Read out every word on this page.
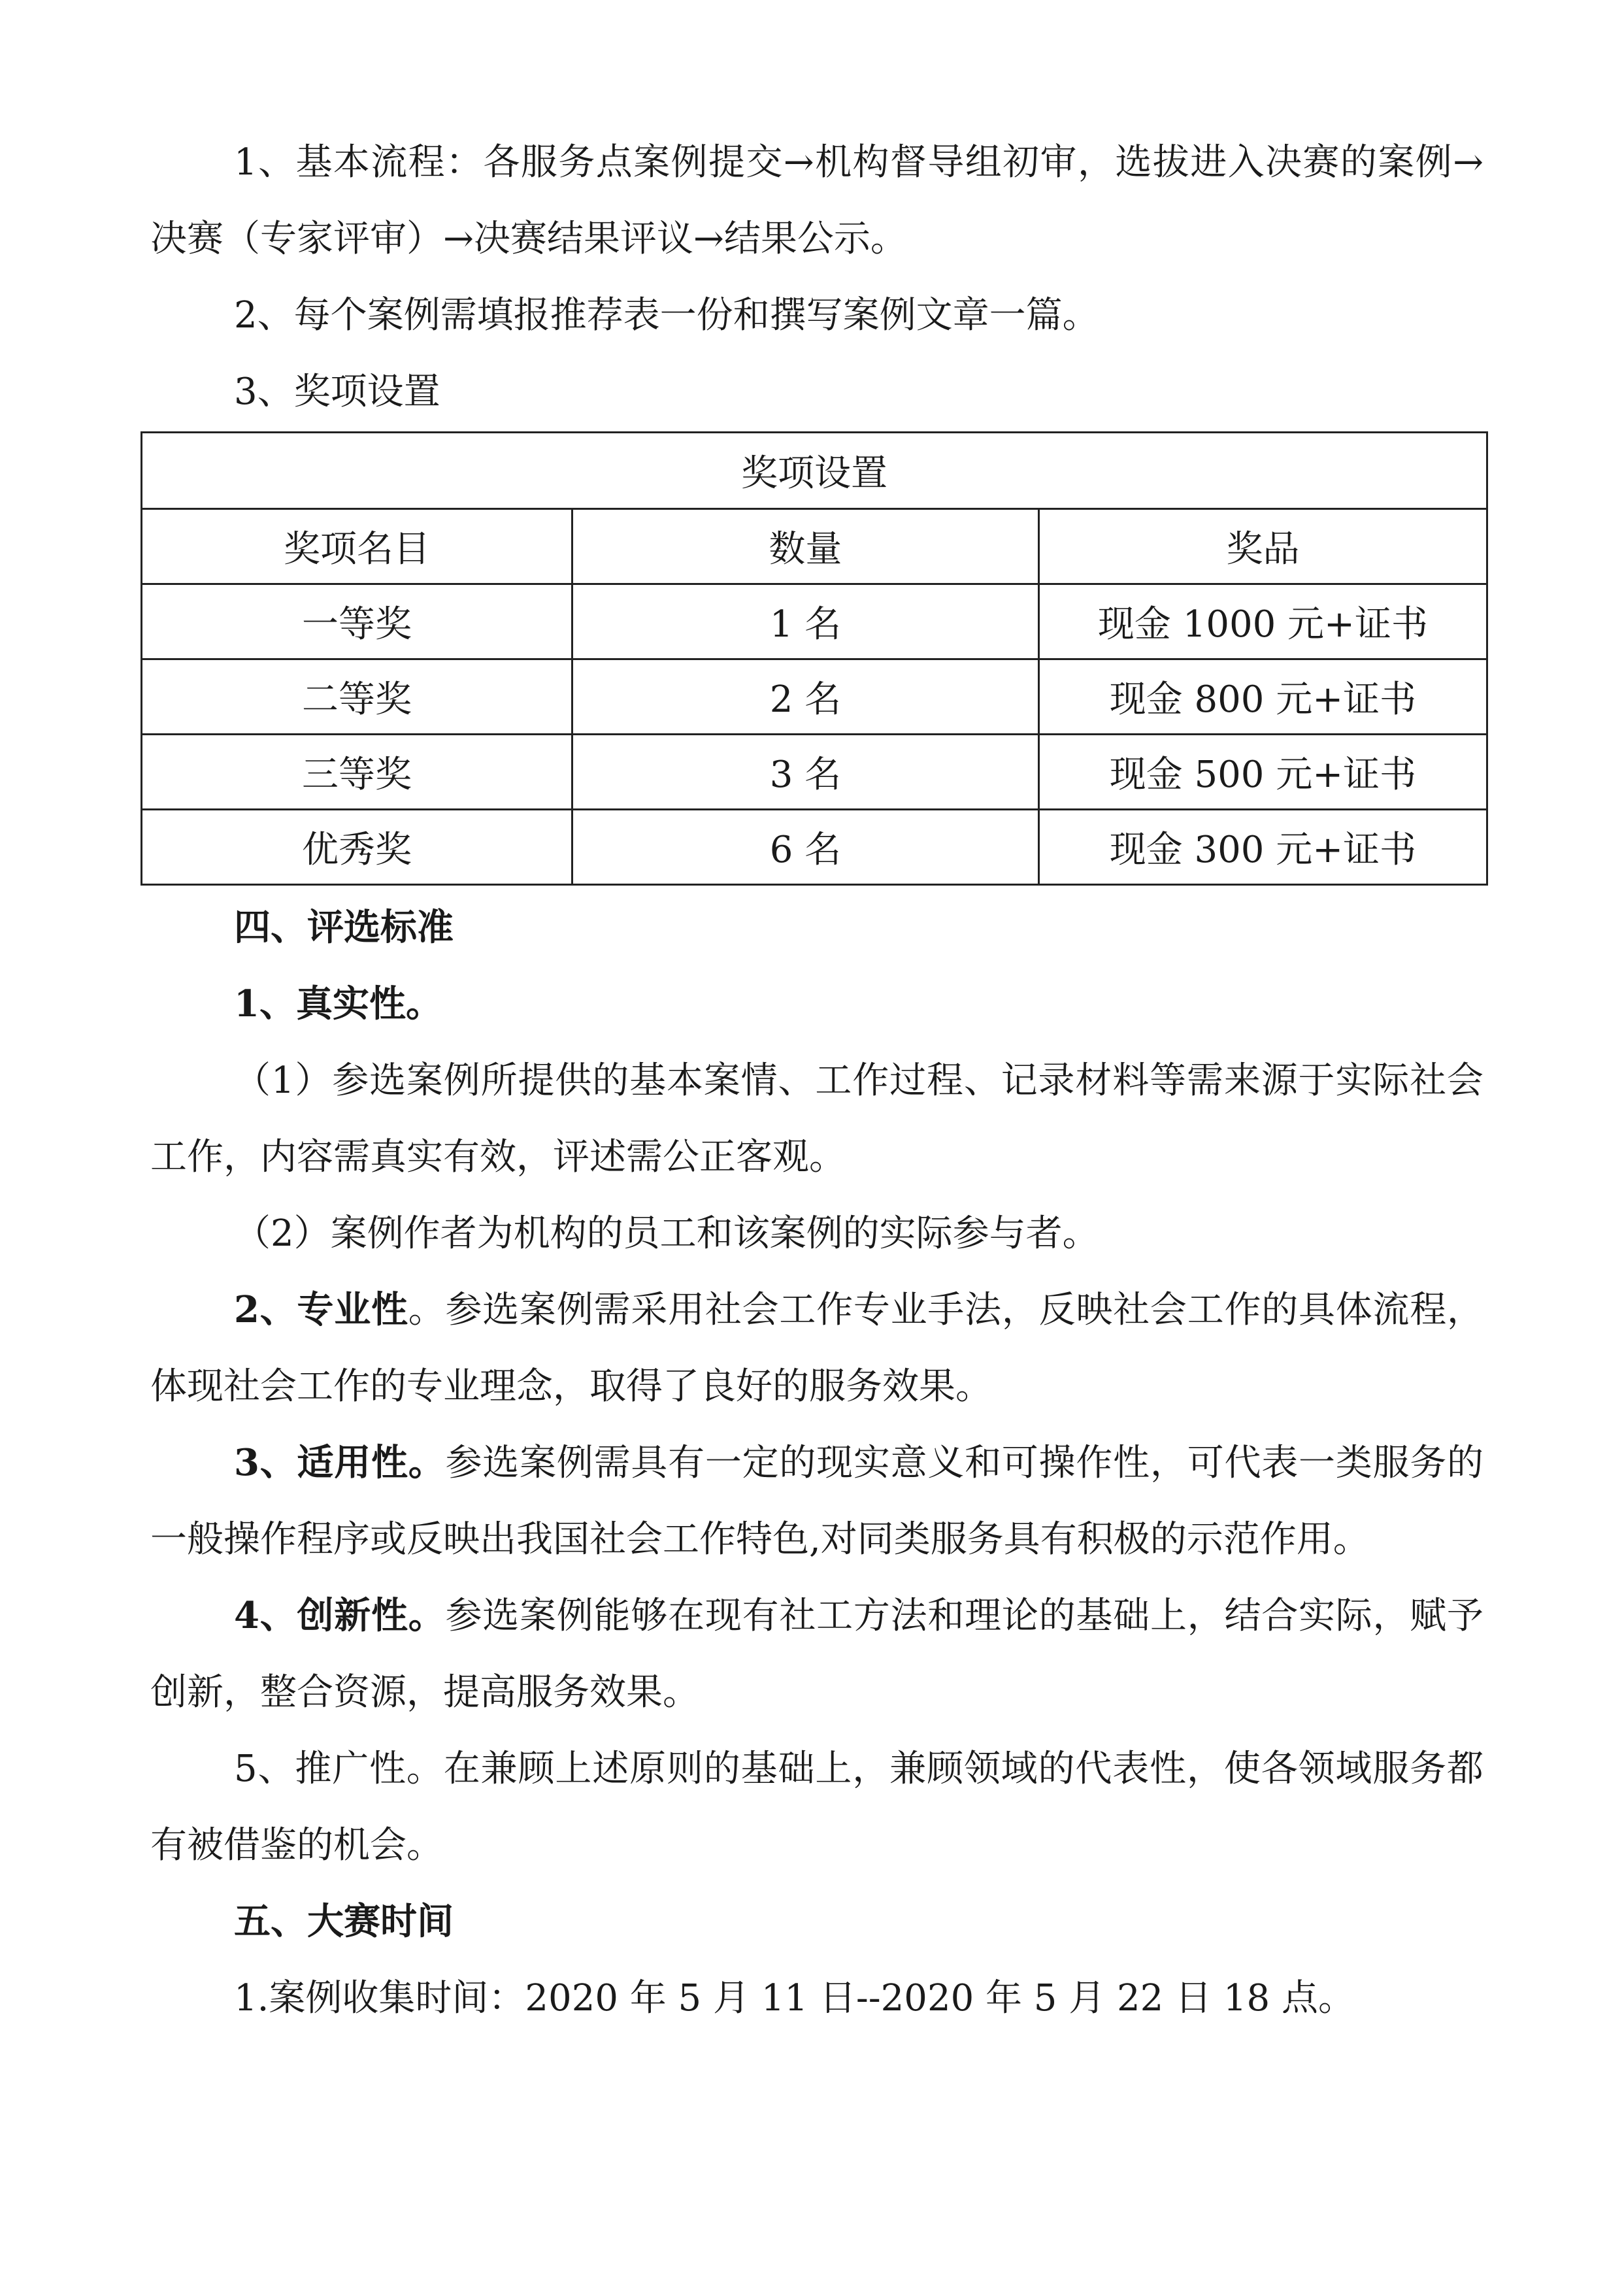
1、基本流程：各服务点案例提交→机构督导组初审，选拔进入决赛的案例→决赛（专家评审）→决赛结果评议→结果公示。

2、每个案例需填报推荐表一份和撰写案例文章一篇。

3、奖项设置

奖项设置		
奖项名目	数量	奖品
一等奖	1 名	现金 1000 元+证书
二等奖	2 名	现金 800 元+证书
三等奖	3 名	现金 500 元+证书
优秀奖	6 名	现金 300 元+证书

四、评选标准

1、真实性。

（1）参选案例所提供的基本案情、工作过程、记录材料等需来源于实际社会工作，内容需真实有效，评述需公正客观。

（2）案例作者为机构的员工和该案例的实际参与者。

2、专业性。参选案例需采用社会工作专业手法，反映社会工作的具体流程，体现社会工作的专业理念，取得了良好的服务效果。

3、适用性。参选案例需具有一定的现实意义和可操作性，可代表一类服务的一般操作程序或反映出我国社会工作特色,对同类服务具有积极的示范作用。

4、创新性。参选案例能够在现有社工方法和理论的基础上，结合实际，赋予创新，整合资源，提高服务效果。

5、推广性。在兼顾上述原则的基础上，兼顾领域的代表性，使各领域服务都有被借鉴的机会。

五、大赛时间

1.案例收集时间：2020 年 5 月 11 日--2020 年 5 月 22 日 18 点。
